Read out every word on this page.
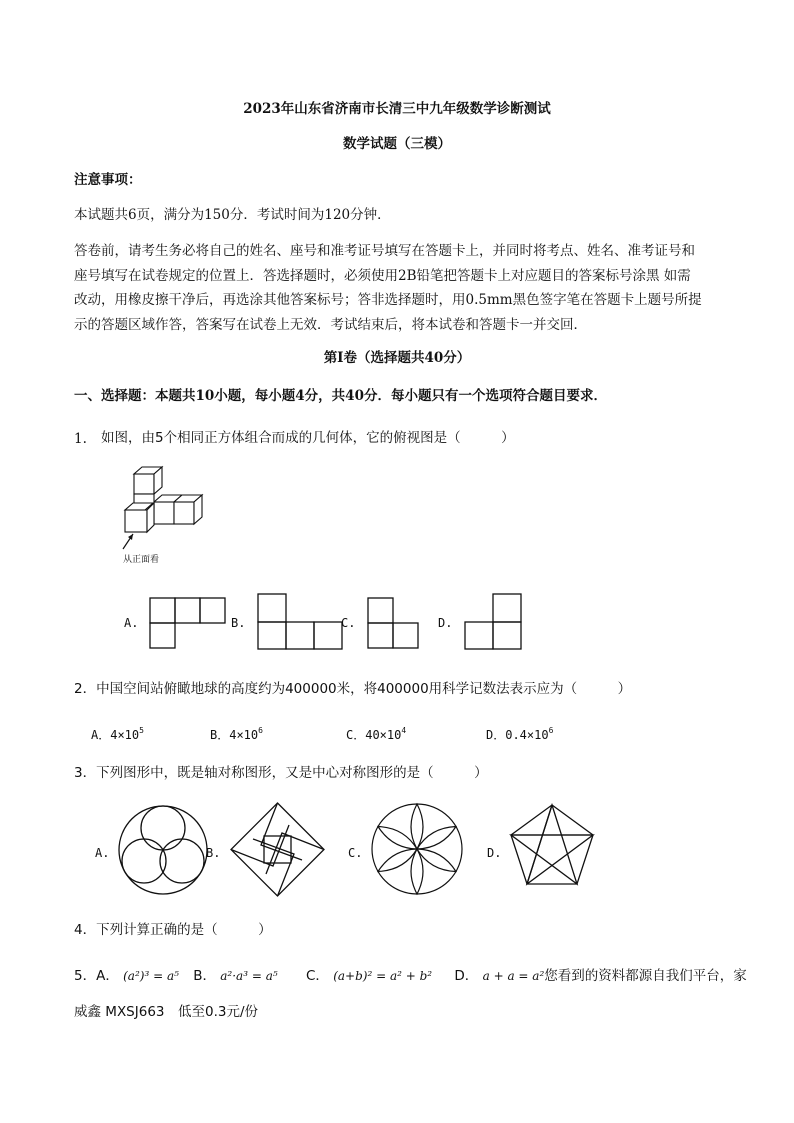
2023年山东省济南市长清三中九年级数学诊断测试
数学试题（三模）
注意事项：
本试题共6页，满分为150分．考试时间为120分钟．
答卷前，请考生务必将自己的姓名、座号和准考证号填写在答题卡上，并同时将考点、姓名、准考证号和
座号填写在试卷规定的位置上．答选择题时，必须使用2B铅笔把答题卡上对应题目的答案标号涂黑 如需
改动，用橡皮擦干净后，再选涂其他答案标号；答非选择题时，用0.5mm黑色签字笔在答题卡上题号所提
示的答题区域作答，答案写在试卷上无效．考试结束后，将本试卷和答题卡一并交回．
第I卷（选择题共40分）
一、选择题：本题共10小题，每小题4分，共40分．每小题只有一个选项符合题目要求．
1. 如图，由5个相同正方体组合而成的几何体，它的俯视图是（　　　）
从正面看
A.	B.	C.	D.
2．中国空间站俯瞰地球的高度约为400000米，将400000用科学记数法表示应为（　　　）
A．$4\times 10^5$	B．$4\times 10^6$	C．$40\times 10^4$	D．$0.4\times 10^6$
3．下列图形中，既是轴对称图形，又是中心对称图形的是（　　　）
A.	B.	C.	D.
4．下列计算正确的是（　　　）
5．A． (a²)³ = a⁵ B． a²·a³ = a⁵ C． (a+b)² = a² + b² D． a + a = a²您看到的资料都源自我们平台，家
威鑫 MXSJ663　低至0.3元/份
